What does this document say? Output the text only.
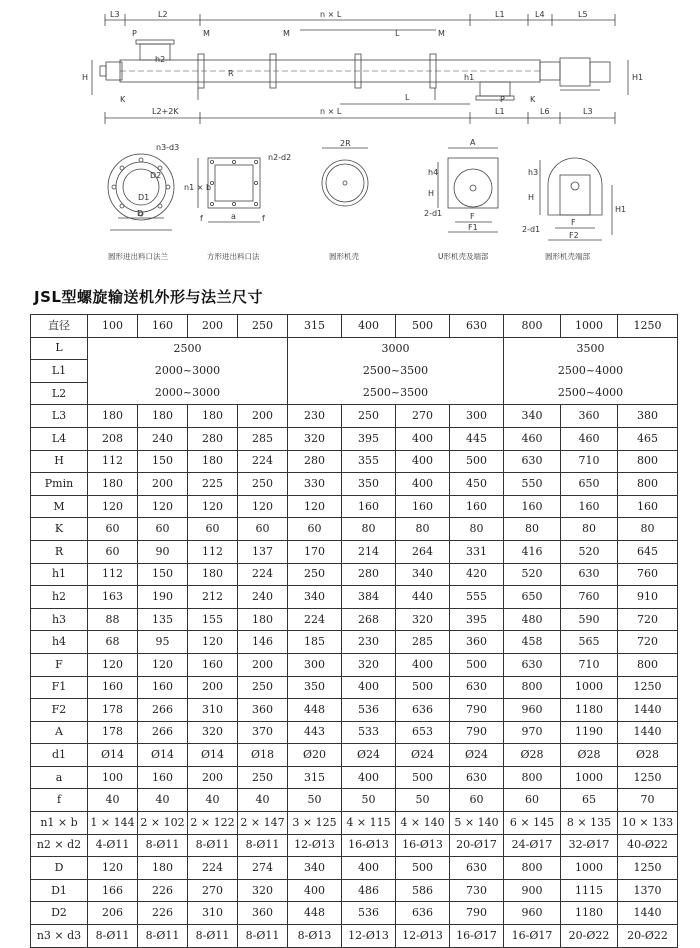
L3	L2	n × L	L1	L4	L5
L2+2K	n × L	L1	L6	L3
P	M	M	L	M
h2
R	h1
H
K	L	P	K
H1
n3-d3
D2
D1
D
圆形进出料口法兰
n2-d2
n1 × b
a
f	f
方形进出料口法
2R
圆形机壳
A
h4
H
2-d1	F
F1
U形机壳及端部
h3
H
2-d1
F
F2
H1
圆形机壳端部
JSL型螺旋输送机外形与法兰尺寸
直径	100	160	200	250	315	400	500	630	800	1000	1250
L	2500				3000				3500		
L1	2000~3000				2500~3500				2500~4000		
L2	2000~3000				2500~3500				2500~4000		
L3	180	180	180	200	230	250	270	300	340	360	380
L4	208	240	280	285	320	395	400	445	460	460	465
H	112	150	180	224	280	355	400	500	630	710	800
Pmin	180	200	225	250	330	350	400	450	550	650	800
M	120	120	120	120	120	160	160	160	160	160	160
K	60	60	60	60	60	80	80	80	80	80	80
R	60	90	112	137	170	214	264	331	416	520	645
h1	112	150	180	224	250	280	340	420	520	630	760
h2	163	190	212	240	340	384	440	555	650	760	910
h3	88	135	155	180	224	268	320	395	480	590	720
h4	68	95	120	146	185	230	285	360	458	565	720
F	120	120	160	200	300	320	400	500	630	710	800
F1	160	160	200	250	350	400	500	630	800	1000	1250
F2	178	266	310	360	448	536	636	790	960	1180	1440
A	178	266	320	370	443	533	653	790	970	1190	1440
d1	Ø14	Ø14	Ø14	Ø18	Ø20	Ø24	Ø24	Ø24	Ø28	Ø28	Ø28
a	100	160	200	250	315	400	500	630	800	1000	1250
f	40	40	40	40	50	50	50	60	60	65	70
n1 × b	1 × 144	2 × 102	2 × 122	2 × 147	3 × 125	4 × 115	4 × 140	5 × 140	6 × 145	8 × 135	10 × 133
n2 × d2	4-Ø11	8-Ø11	8-Ø11	8-Ø11	12-Ø13	16-Ø13	16-Ø13	20-Ø17	24-Ø17	32-Ø17	40-Ø22
D	120	180	224	274	340	400	500	630	800	1000	1250
D1	166	226	270	320	400	486	586	730	900	1115	1370
D2	206	226	310	360	448	536	636	790	960	1180	1440
n3 × d3	8-Ø11	8-Ø11	8-Ø11	8-Ø11	8-Ø13	12-Ø13	12-Ø13	16-Ø17	16-Ø17	20-Ø22	20-Ø22
